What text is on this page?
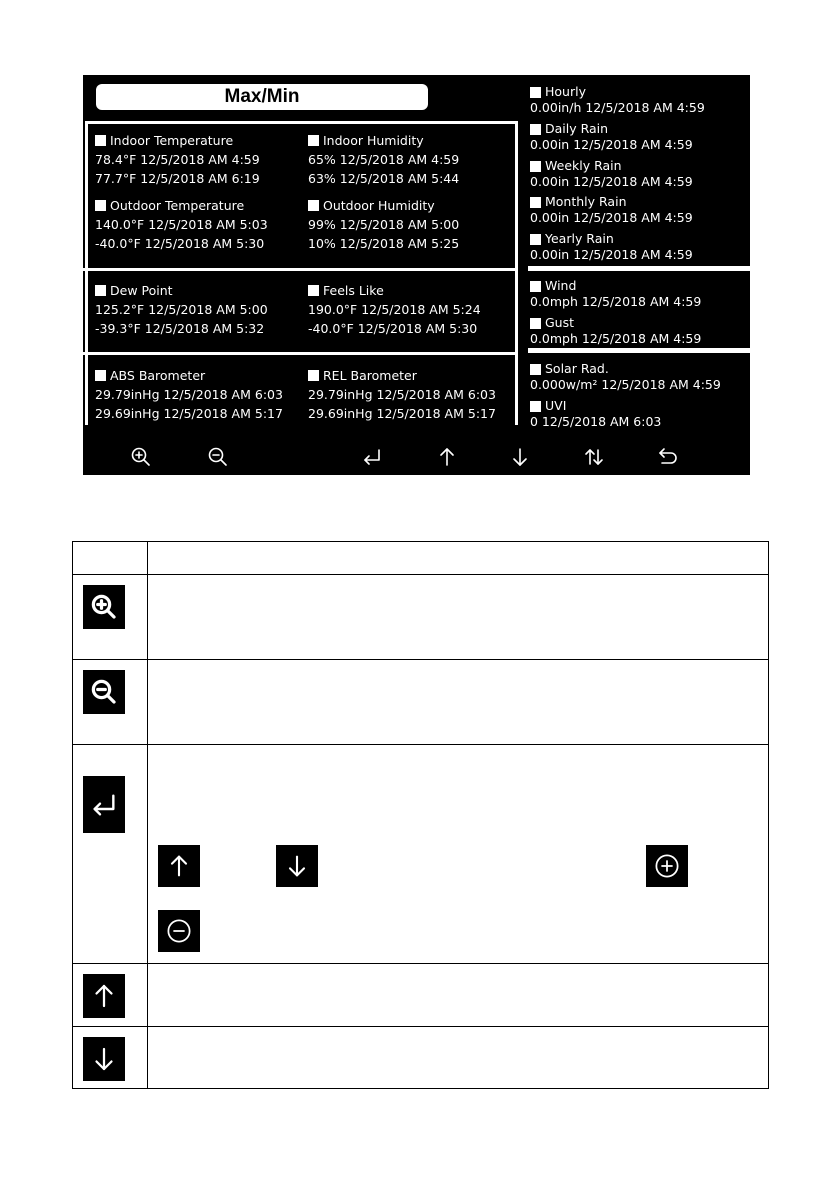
Max/Min
Indoor Temperature
78.4°F 12/5/2018 AM 4:59
77.7°F 12/5/2018 AM 6:19
Indoor Humidity
65% 12/5/2018 AM 4:59
63% 12/5/2018 AM 5:44
Outdoor Temperature
140.0°F 12/5/2018 AM 5:03
-40.0°F 12/5/2018 AM 5:30
Outdoor Humidity
99% 12/5/2018 AM 5:00
10% 12/5/2018 AM 5:25
Dew Point
125.2°F 12/5/2018 AM 5:00
-39.3°F 12/5/2018 AM 5:32
Feels Like
190.0°F 12/5/2018 AM 5:24
-40.0°F 12/5/2018 AM 5:30
ABS Barometer
29.79inHg 12/5/2018 AM 6:03
29.69inHg 12/5/2018 AM 5:17
REL Barometer
29.79inHg 12/5/2018 AM 6:03
29.69inHg 12/5/2018 AM 5:17
Hourly
0.00in/h 12/5/2018 AM 4:59
Daily Rain
0.00in 12/5/2018 AM 4:59
Weekly Rain
0.00in 12/5/2018 AM 4:59
Monthly Rain
0.00in 12/5/2018 AM 4:59
Yearly Rain
0.00in 12/5/2018 AM 4:59
Wind
0.0mph 12/5/2018 AM 4:59
Gust
0.0mph 12/5/2018 AM 4:59
Solar Rad.
0.000w/m² 12/5/2018 AM 4:59
UVI
0 12/5/2018 AM 6:03
